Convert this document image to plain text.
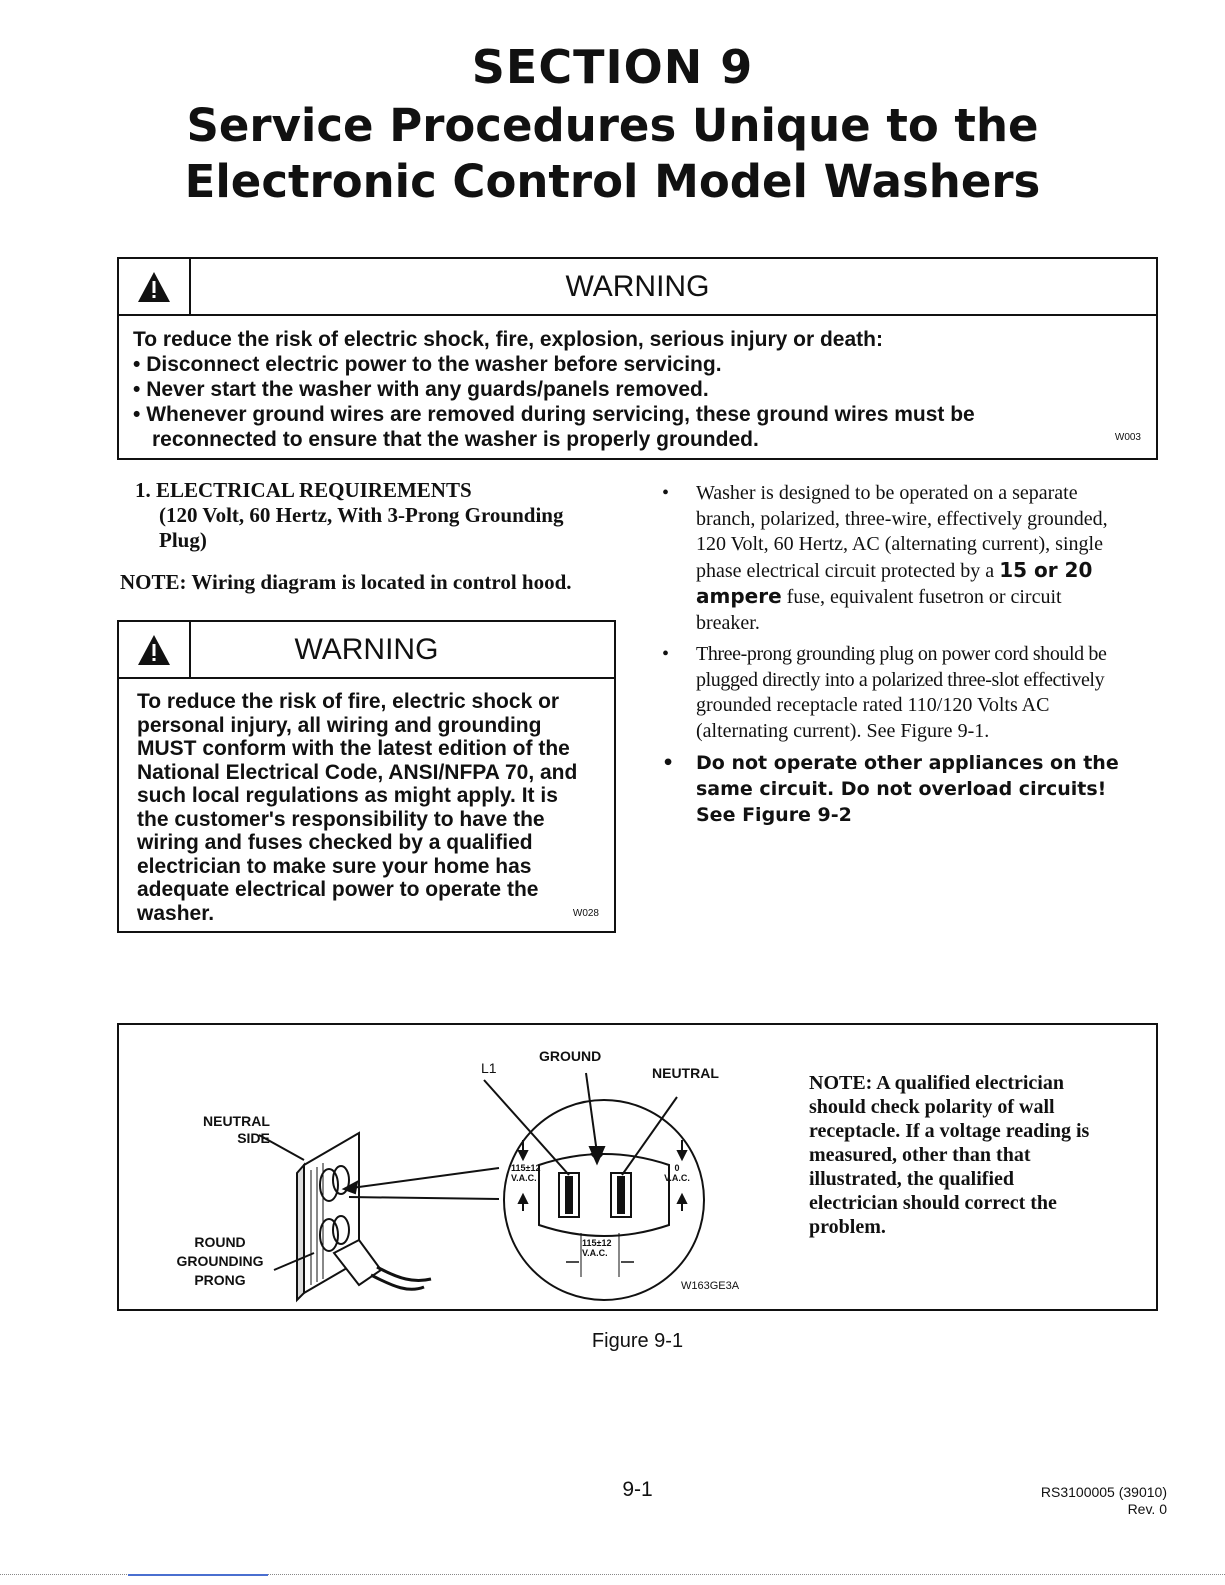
SECTION 9
Service Procedures Unique to the
Electronic Control Model Washers
WARNING
To reduce the risk of electric shock, fire, explosion, serious injury or death:
• Disconnect electric power to the washer before servicing.
• Never start the washer with any guards/panels removed.
• Whenever ground wires are removed during servicing, these ground wires must be
reconnected to ensure that the washer is properly grounded.	W003
1. ELECTRICAL REQUIREMENTS
(120 Volt, 60 Hertz, With 3-Prong Grounding
Plug)
NOTE: Wiring diagram is located in control hood.
WARNING
To reduce the risk of fire, electric shock or
personal injury, all wiring and grounding
MUST conform with the latest edition of the
National Electrical Code, ANSI/NFPA 70, and
such local regulations as might apply. It is
the customer's responsibility to have the
wiring and fuses checked by a qualified
electrician to make sure your home has
adequate electrical power to operate the
washer.	W028
• Washer is designed to be operated on a separate
branch, polarized, three-wire, effectively grounded,
120 Volt, 60 Hertz, AC (alternating current), single
phase electrical circuit protected by a 15 or 20
ampere fuse, equivalent fusetron or circuit
breaker.
• Three-prong grounding plug on power cord should be
plugged directly into a polarized three-slot effectively
grounded receptacle rated 110/120 Volts AC
(alternating current). See Figure 9-1.
• Do not operate other appliances on the
same circuit. Do not overload circuits!
See Figure 9-2
L1
GROUND
NEUTRAL
NEUTRAL
SIDE
ROUND
GROUNDING
PRONG
115±12
V.A.C.
0
V.A.C.
115±12
V.A.C.
W163GE3A
NOTE: A qualified electrician
should check polarity of wall
receptacle. If a voltage reading is
measured, other than that
illustrated, the qualified
electrician should correct the
problem.
Figure 9-1
9-1	RS3100005 (39010)
Rev. 0
